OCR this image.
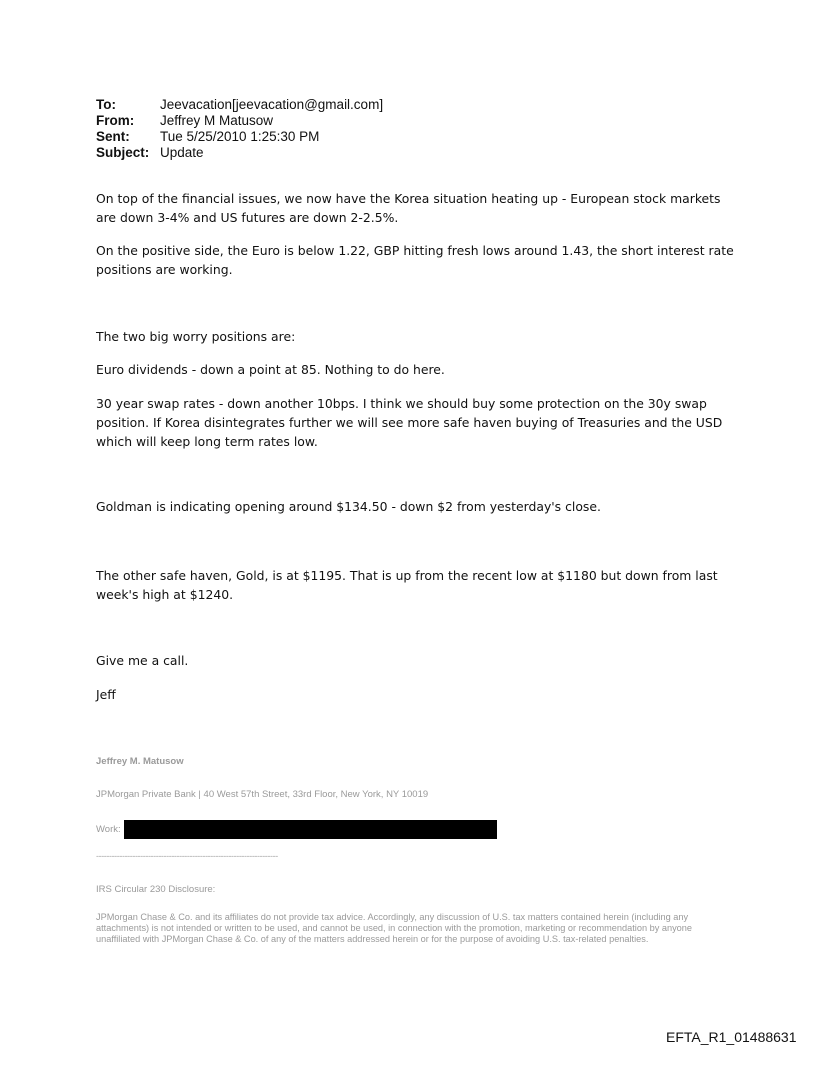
To:	Jeevacation[jeevacation@gmail.com]
From:	Jeffrey M Matusow
Sent:	Tue 5/25/2010 1:25:30 PM
Subject: Update
On top of the financial issues, we now have the Korea situation heating up - European stock markets are down 3-4% and US futures are down 2-2.5%.
On the positive side, the Euro is below 1.22, GBP hitting fresh lows around 1.43, the short interest rate positions are working.
The two big worry positions are:
Euro dividends - down a point at 85. Nothing to do here.
30 year swap rates - down another 10bps. I think we should buy some protection on the 30y swap position. If Korea disintegrates further we will see more safe haven buying of Treasuries and the USD which will keep long term rates low.
Goldman is indicating opening around $134.50 - down $2 from yesterday's close.
The other safe haven, Gold, is at $1195. That is up from the recent low at $1180 but down from last week's high at $1240.
Give me a call.
Jeff
Jeffrey M. Matusow
JPMorgan Private Bank | 40 West 57th Street, 33rd Floor, New York, NY 10019
Work:
----------------------------------------------------------------------
IRS Circular 230 Disclosure:
JPMorgan Chase & Co. and its affiliates do not provide tax advice. Accordingly, any discussion of U.S. tax matters contained herein (including any attachments) is not intended or written to be used, and cannot be used, in connection with the promotion, marketing or recommendation by anyone unaffiliated with JPMorgan Chase & Co. of any of the matters addressed herein or for the purpose of avoiding U.S. tax-related penalties.
EFTA_R1_01488631
